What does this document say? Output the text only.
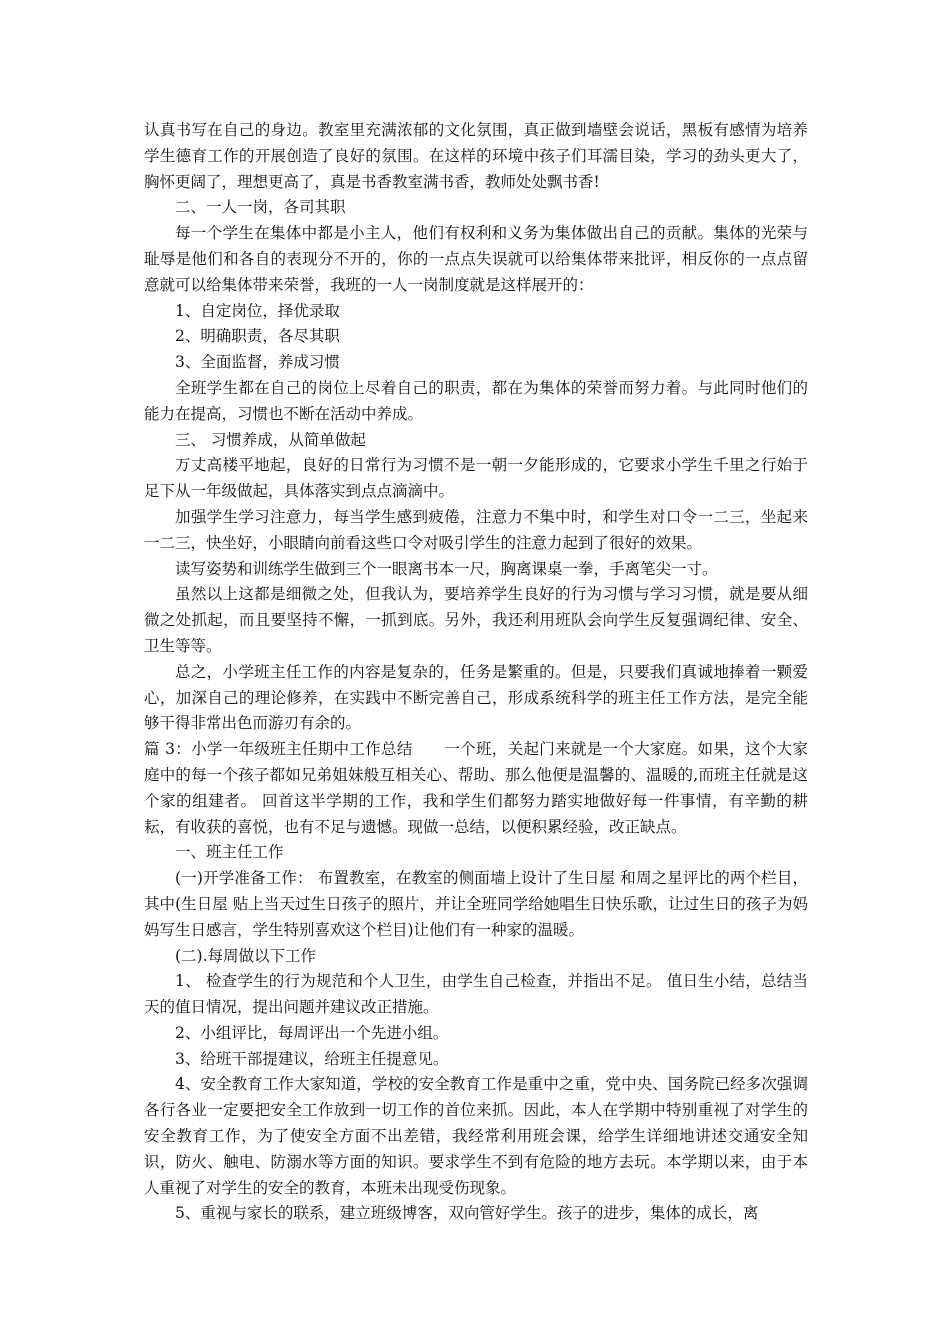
认真书写在自己的身边。教室里充满浓郁的文化氛围，真正做到墙壁会说话，黑板有感情为培养学生德育工作的开展创造了良好的氛围。在这样的环境中孩子们耳濡目染，学习的劲头更大了，胸怀更阔了，理想更高了，真是书香教室满书香，教师处处飘书香!

二、一人一岗，各司其职

每一个学生在集体中都是小主人，他们有权利和义务为集体做出自己的贡献。集体的光荣与耻辱是他们和各自的表现分不开的，你的一点点失误就可以给集体带来批评，相反你的一点点留意就可以给集体带来荣誉，我班的一人一岗制度就是这样展开的：

1、自定岗位，择优录取

2、明确职责，各尽其职

3、全面监督，养成习惯

全班学生都在自己的岗位上尽着自己的职责，都在为集体的荣誉而努力着。与此同时他们的能力在提高，习惯也不断在活动中养成。

三、 习惯养成，从简单做起

万丈高楼平地起，良好的日常行为习惯不是一朝一夕能形成的，它要求小学生千里之行始于足下从一年级做起，具体落实到点点滴滴中。

加强学生学习注意力，每当学生感到疲倦，注意力不集中时，和学生对口令一二三，坐起来一二三，快坐好，小眼睛向前看这些口令对吸引学生的注意力起到了很好的效果。

读写姿势和训练学生做到三个一眼离书本一尺，胸离课桌一拳，手离笔尖一寸。

虽然以上这都是细微之处，但我认为，要培养学生良好的行为习惯与学习习惯，就是要从细微之处抓起，而且要坚持不懈，一抓到底。另外，我还利用班队会向学生反复强调纪律、安全、卫生等等。

总之，小学班主任工作的内容是复杂的，任务是繁重的。但是，只要我们真诚地捧着一颗爱心，加深自己的理论修养，在实践中不断完善自己，形成系统科学的班主任工作方法，是完全能够干得非常出色而游刃有余的。

篇 3：小学一年级班主任期中工作总结　　一个班，关起门来就是一个大家庭。如果，这个大家庭中的每一个孩子都如兄弟姐妹般互相关心、帮助、那么他便是温馨的、温暖的,而班主任就是这个家的组建者。 回首这半学期的工作，我和学生们都努力踏实地做好每一件事情，有辛勤的耕耘，有收获的喜悦，也有不足与遗憾。现做一总结，以便积累经验，改正缺点。

一、班主任工作

(一)开学准备工作： 布置教室，在教室的侧面墙上设计了生日屋 和周之星评比的两个栏目，其中(生日屋 贴上当天过生日孩子的照片，并让全班同学给她唱生日快乐歌，让过生日的孩子为妈妈写生日感言，学生特别喜欢这个栏目)让他们有一种家的温暖。

(二).每周做以下工作

1、 检查学生的行为规范和个人卫生，由学生自己检查，并指出不足。 值日生小结，总结当天的值日情况，提出问题并建议改正措施。

2、小组评比，每周评出一个先进小组。

3、给班干部提建议，给班主任提意见。

4、安全教育工作大家知道，学校的安全教育工作是重中之重，党中央、国务院已经多次强调各行各业一定要把安全工作放到一切工作的首位来抓。因此，本人在学期中特别重视了对学生的安全教育工作，为了使安全方面不出差错，我经常利用班会课，给学生详细地讲述交通安全知识，防火、触电、防溺水等方面的知识。要求学生不到有危险的地方去玩。本学期以来，由于本人重视了对学生的安全的教育，本班未出现受伤现象。

5、重视与家长的联系，建立班级博客，双向管好学生。孩子的进步，集体的成长，离
